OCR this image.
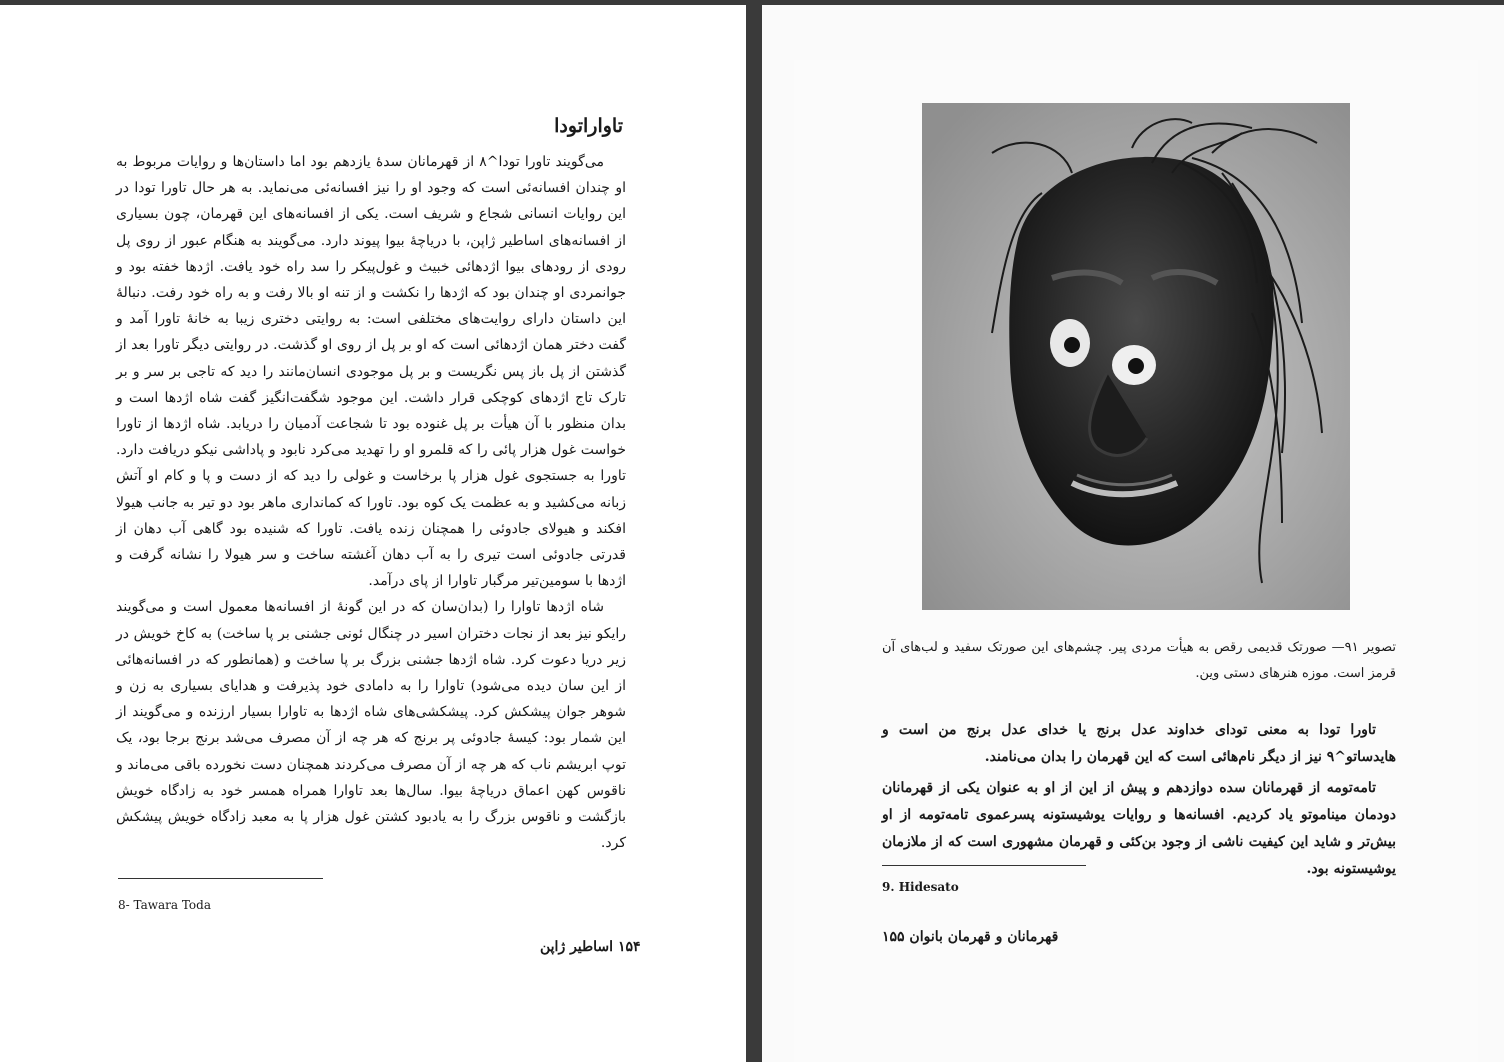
تاواراتودا

می‌گویند تاورا تودا^۸ از قهرمانان سدهٔ یازدهم بود اما داستان‌ها و روایات مربوط به او چندان افسانه‌ئی است که وجود او را نیز افسانه‌ئی می‌نماید. به هر حال تاورا تودا در این روایات انسانی شجاع و شریف است. یکی از افسانه‌های این قهرمان، چون بسیاری از افسانه‌های اساطیر ژاپن، با دریاچهٔ بیوا پیوند دارد. می‌گویند به هنگام عبور از روی پل رودی از رودهای بیوا اژدهائی خبیث و غول‌پیکر را سد راه خود یافت. اژدها خفته بود و جوانمردی او چندان بود که اژدها را نکشت و از تنه او بالا رفت و به راه خود رفت. دنبالهٔ این داستان دارای روایت‌های مختلفی است: به روایتی دختری زیبا به خانهٔ تاورا آمد و گفت دختر همان اژدهائی است که او بر پل از روی او گذشت. در روایتی دیگر تاورا بعد از گذشتن از پل باز پس نگریست و بر پل موجودی انسان‌مانند را دید که تاجی بر سر و بر تارک تاج اژدهای کوچکی قرار داشت. این موجود شگفت‌انگیز گفت شاه اژدها است و بدان منظور با آن هیأت بر پل غنوده بود تا شجاعت آدمیان را دریابد. شاه اژدها از تاورا خواست غول هزار پائی را که قلمرو او را تهدید می‌کرد نابود و پاداشی نیکو دریافت دارد. تاورا به جستجوی غول هزار پا برخاست و غولی را دید که از دست و پا و کام او آتش زبانه می‌کشید و به عظمت یک کوه بود. تاورا که کمانداری ماهر بود دو تیر به جانب هیولا افکند و هیولای جادوئی را همچنان زنده یافت. تاورا که شنیده بود گاهی آب دهان از قدرتی جادوئی است تیری را به آب دهان آغشته ساخت و سر هیولا را نشانه گرفت و اژدها با سومین‌تیر مرگبار تاوارا از پای درآمد.

شاه اژدها تاوارا را (بدان‌سان که در این گونهٔ از افسانه‌ها معمول است و می‌گویند رایکو نیز بعد از نجات دختران اسیر در چنگال ئونی جشنی بر پا ساخت) به کاخ خویش در زیر دریا دعوت کرد. شاه اژدها جشنی بزرگ بر پا ساخت و (همانطور که در افسانه‌هائی از این سان دیده می‌شود) تاوارا را به دامادی خود پذیرفت و هدایای بسیاری به زن و شوهر جوان پیشکش کرد. پیشکشی‌های شاه اژدها به تاوارا بسیار ارزنده و می‌گویند از این شمار بود: کیسهٔ جادوئی پر برنج که هر چه از آن مصرف می‌شد برنج برجا بود، یک توپ ابریشم ناب که هر چه از آن مصرف می‌کردند همچنان دست نخورده باقی می‌ماند و ناقوس کهن اعماق دریاچهٔ بیوا. سال‌ها بعد تاوارا همراه همسر خود به زادگاه خویش بازگشت و ناقوس بزرگ را به یادبود کشتن غول هزار پا به معبد زادگاه خویش پیشکش کرد.

8- Tawara Toda
۱۵۴ اساطیر ژاپن

تصویر ۹۱— صورتک قدیمی رقص به هیأت مردی پیر. چشم‌های این صورتک سفید و لب‌های آن قرمز است. موزه هنرهای دستی وین.

تاورا تودا به معنی تودای خداوند عدل برنج یا خدای عدل برنج من است و هایدساتو^۹ نیز از دیگر نام‌هائی است که این قهرمان را بدان می‌نامند.

تامه‌تومه از قهرمانان سده دوازدهم و پیش از این از او به عنوان یکی از قهرمانان دودمان میناموتو یاد کردیم. افسانه‌ها و روایات یوشیستونه پسرعموی تامه‌تومه از او بیش‌تر و شاید این کیفیت ناشی از وجود بن‌کئی و قهرمان مشهوری است که از ملازمان یوشیستونه بود.

9. Hidesato
قهرمانان و قهرمان بانوان ۱۵۵
